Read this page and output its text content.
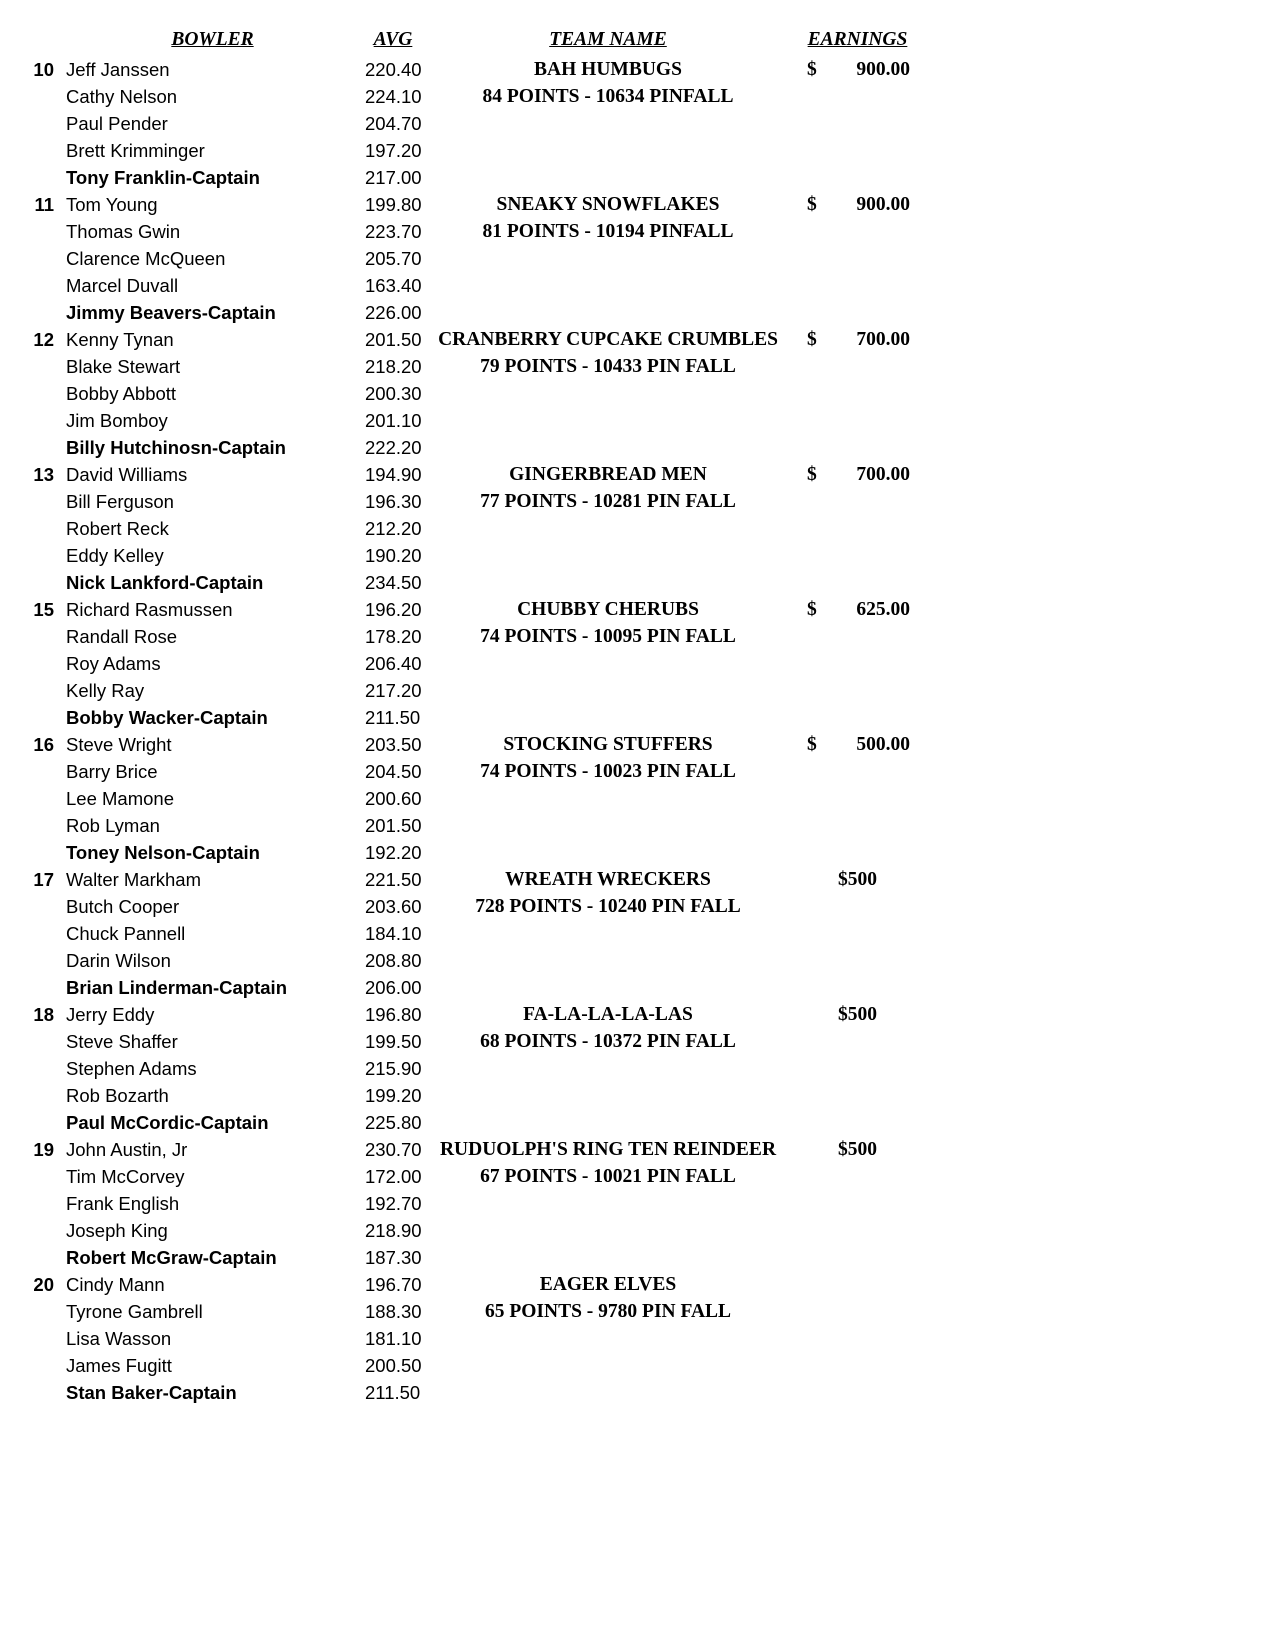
BOWLER	AVG	TEAM NAME	EARNINGS
10 Jeff Janssen	220.40	BAH HUMBUGS	$ 900.00
Cathy Nelson	224.10	84 POINTS - 10634 PINFALL
Paul Pender	204.70
Brett Krimminger	197.20
Tony Franklin-Captain	217.00
11 Tom Young	199.80	SNEAKY SNOWFLAKES	$ 900.00
Thomas Gwin	223.70	81 POINTS - 10194 PINFALL
Clarence McQueen	205.70
Marcel Duvall	163.40
Jimmy Beavers-Captain	226.00
12 Kenny Tynan	201.50 CRANBERRY CUPCAKE CRUMBLES	$ 700.00
Blake Stewart	218.20	79 POINTS - 10433 PIN FALL
Bobby Abbott	200.30
Jim Bomboy	201.10
Billy Hutchinosn-Captain	222.20
13 David Williams	194.90	GINGERBREAD MEN	$ 700.00
Bill Ferguson	196.30	77 POINTS - 10281 PIN FALL
Robert Reck	212.20
Eddy Kelley	190.20
Nick Lankford-Captain	234.50
15 Richard Rasmussen	196.20	CHUBBY CHERUBS	$ 625.00
Randall Rose	178.20	74 POINTS - 10095 PIN FALL
Roy Adams	206.40
Kelly Ray	217.20
Bobby Wacker-Captain	211.50
16 Steve Wright	203.50	STOCKING STUFFERS	$ 500.00
Barry Brice	204.50	74 POINTS - 10023 PIN FALL
Lee Mamone	200.60
Rob Lyman	201.50
Toney Nelson-Captain	192.20
17 Walter Markham	221.50	WREATH WRECKERS	$500
Butch Cooper	203.60	728 POINTS - 10240 PIN FALL
Chuck Pannell	184.10
Darin Wilson	208.80
Brian Linderman-Captain	206.00
18 Jerry Eddy	196.80	FA-LA-LA-LA-LAS	$500
Steve Shaffer	199.50	68 POINTS - 10372 PIN FALL
Stephen Adams	215.90
Rob Bozarth	199.20
Paul McCordic-Captain	225.80
19 John Austin, Jr	230.70 RUDUOLPH'S RING TEN REINDEER	$500
Tim McCorvey	172.00	67 POINTS - 10021 PIN FALL
Frank English	192.70
Joseph King	218.90
Robert McGraw-Captain	187.30
20 Cindy Mann	196.70	EAGER ELVES
Tyrone Gambrell	188.30	65 POINTS - 9780 PIN FALL
Lisa Wasson	181.10
James Fugitt	200.50
Stan Baker-Captain	211.50
